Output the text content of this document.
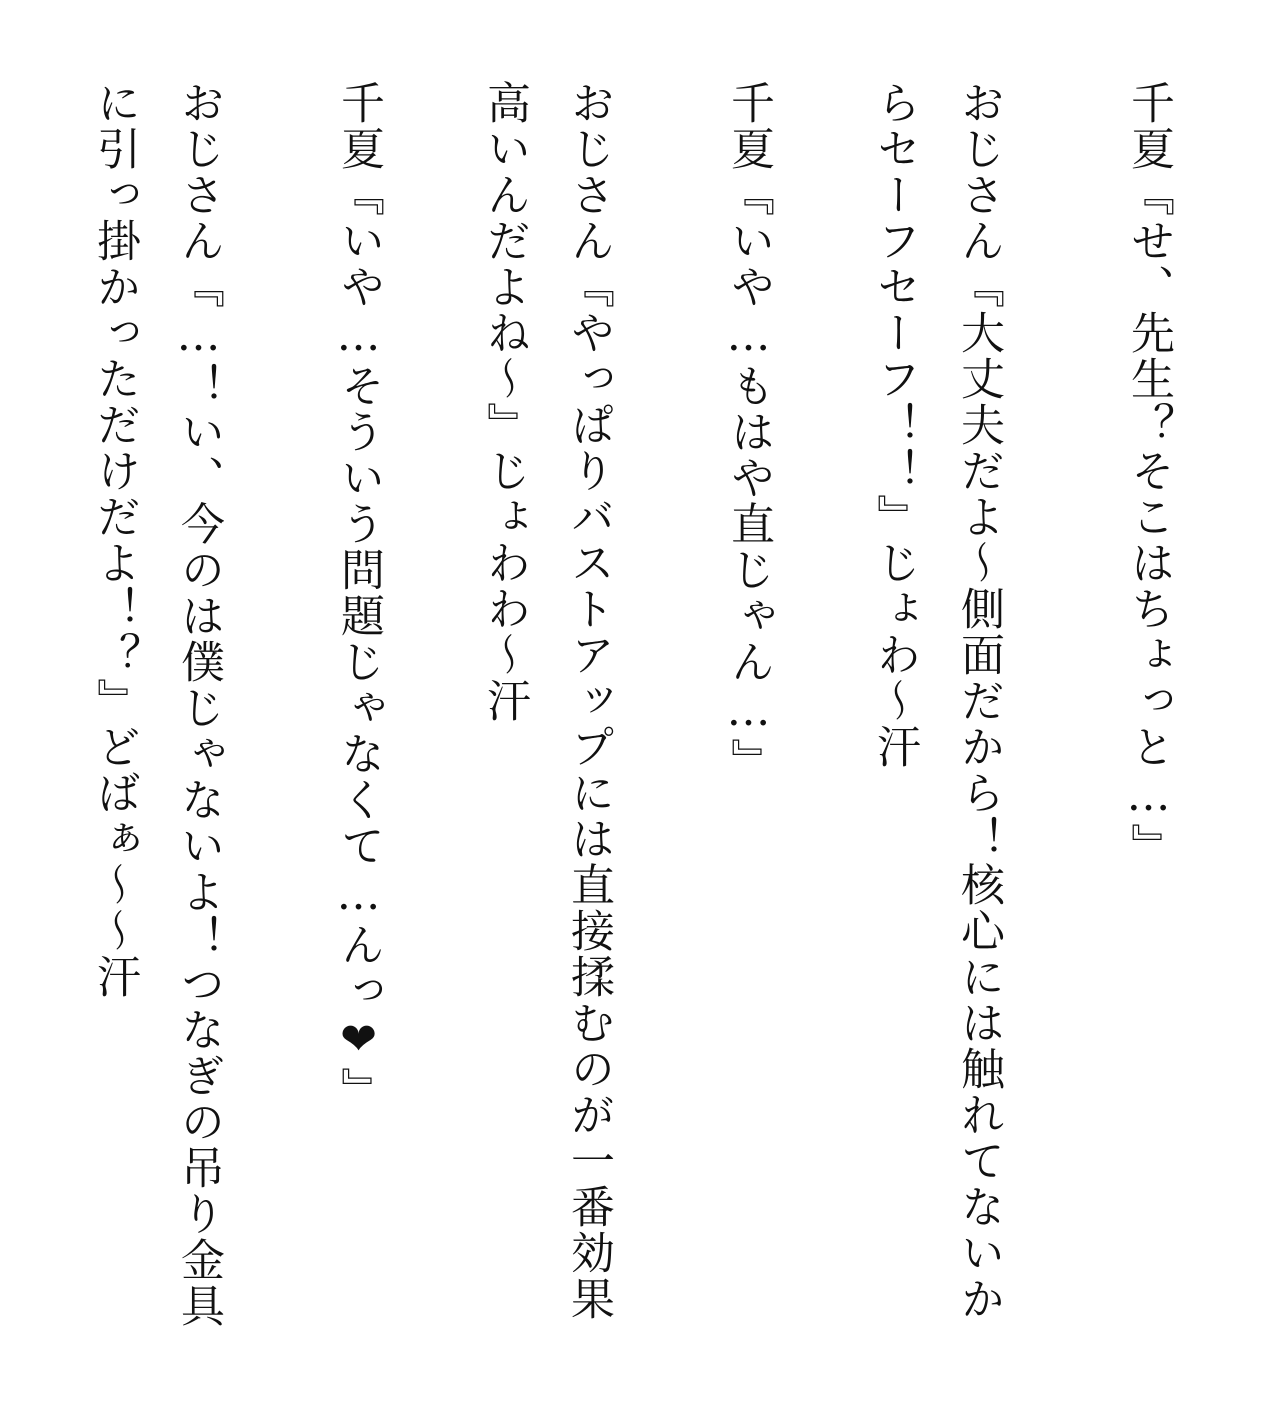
千夏『せ、先生？そこはちょっと…』
おじさん『大丈夫だよ～側面だから！核心には触れてないからセーフセーフ！！』じょわ～汗
千夏『いや…もはや直じゃん…』
おじさん『やっぱりバストアップには直接揉むのが一番効果高いんだよね～』じょわわ～汗
千夏『いや…そういう問題じゃなくて…んっ❤』
おじさん『…！い、今のは僕じゃないよ！つなぎの吊り金具に引っ掛かっただけだよ！？』どばぁ～～汗
